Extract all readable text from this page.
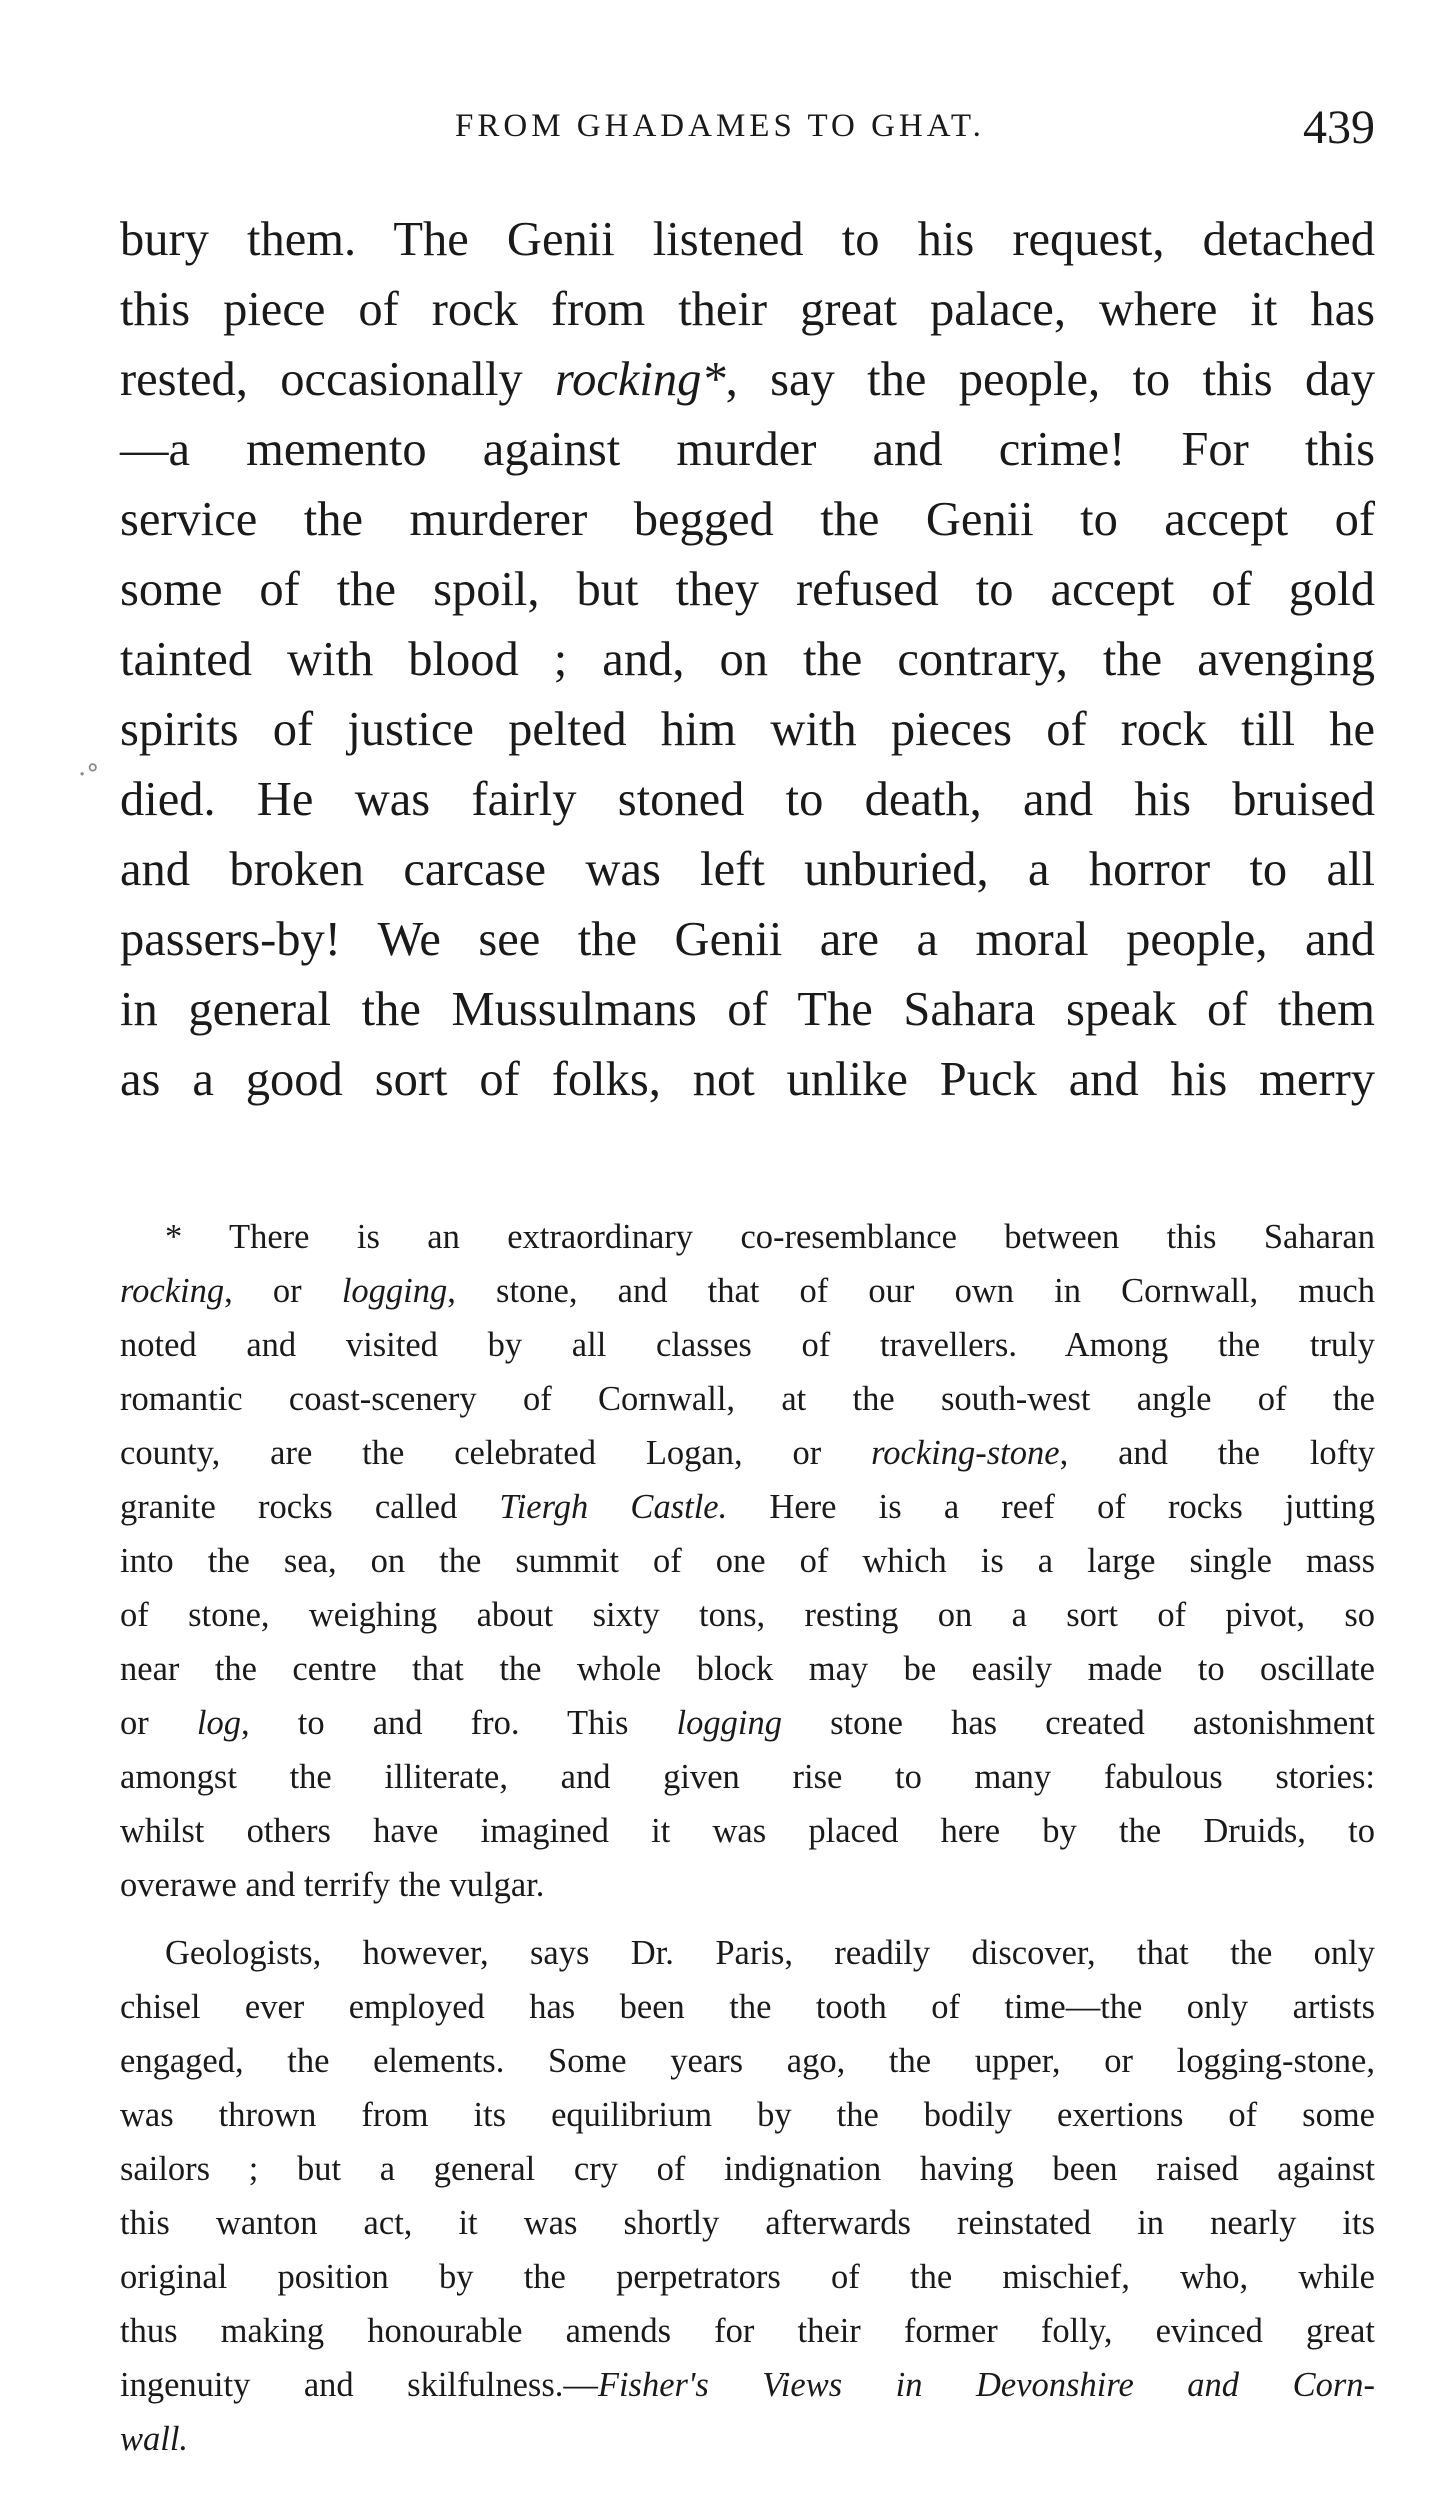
FROM GHADAMES TO GHAT.	439
·°

bury them. The Genii listened to his request, detached
this piece of rock from their great palace, where it has
rested, occasionally rocking*, say the people, to this day
—a memento against murder and crime! For this
service the murderer begged the Genii to accept of
some of the spoil, but they refused to accept of gold
tainted with blood ; and, on the contrary, the avenging
spirits of justice pelted him with pieces of rock till he
died. He was fairly stoned to death, and his bruised
and broken carcase was left unburied, a horror to all
passers-by! We see the Genii are a moral people, and
in general the Mussulmans of The Sahara speak of them
as a good sort of folks, not unlike Puck and his merry

* There is an extraordinary co-resemblance between this Saharan
rocking, or logging, stone, and that of our own in Cornwall, much
noted and visited by all classes of travellers. Among the truly
romantic coast-scenery of Cornwall, at the south-west angle of the
county, are the celebrated Logan, or rocking-stone, and the lofty
granite rocks called Tiergh Castle. Here is a reef of rocks jutting
into the sea, on the summit of one of which is a large single mass
of stone, weighing about sixty tons, resting on a sort of pivot, so
near the centre that the whole block may be easily made to oscillate
or log, to and fro. This logging stone has created astonishment
amongst the illiterate, and given rise to many fabulous stories:
whilst others have imagined it was placed here by the Druids, to
overawe and terrify the vulgar.

Geologists, however, says Dr. Paris, readily discover, that the only
chisel ever employed has been the tooth of time—the only artists
engaged, the elements. Some years ago, the upper, or logging-stone,
was thrown from its equilibrium by the bodily exertions of some
sailors ; but a general cry of indignation having been raised against
this wanton act, it was shortly afterwards reinstated in nearly its
original position by the perpetrators of the mischief, who, while
thus making honourable amends for their former folly, evinced great
ingenuity and skilfulness.—Fisher's Views in Devonshire and Corn-
wall.
